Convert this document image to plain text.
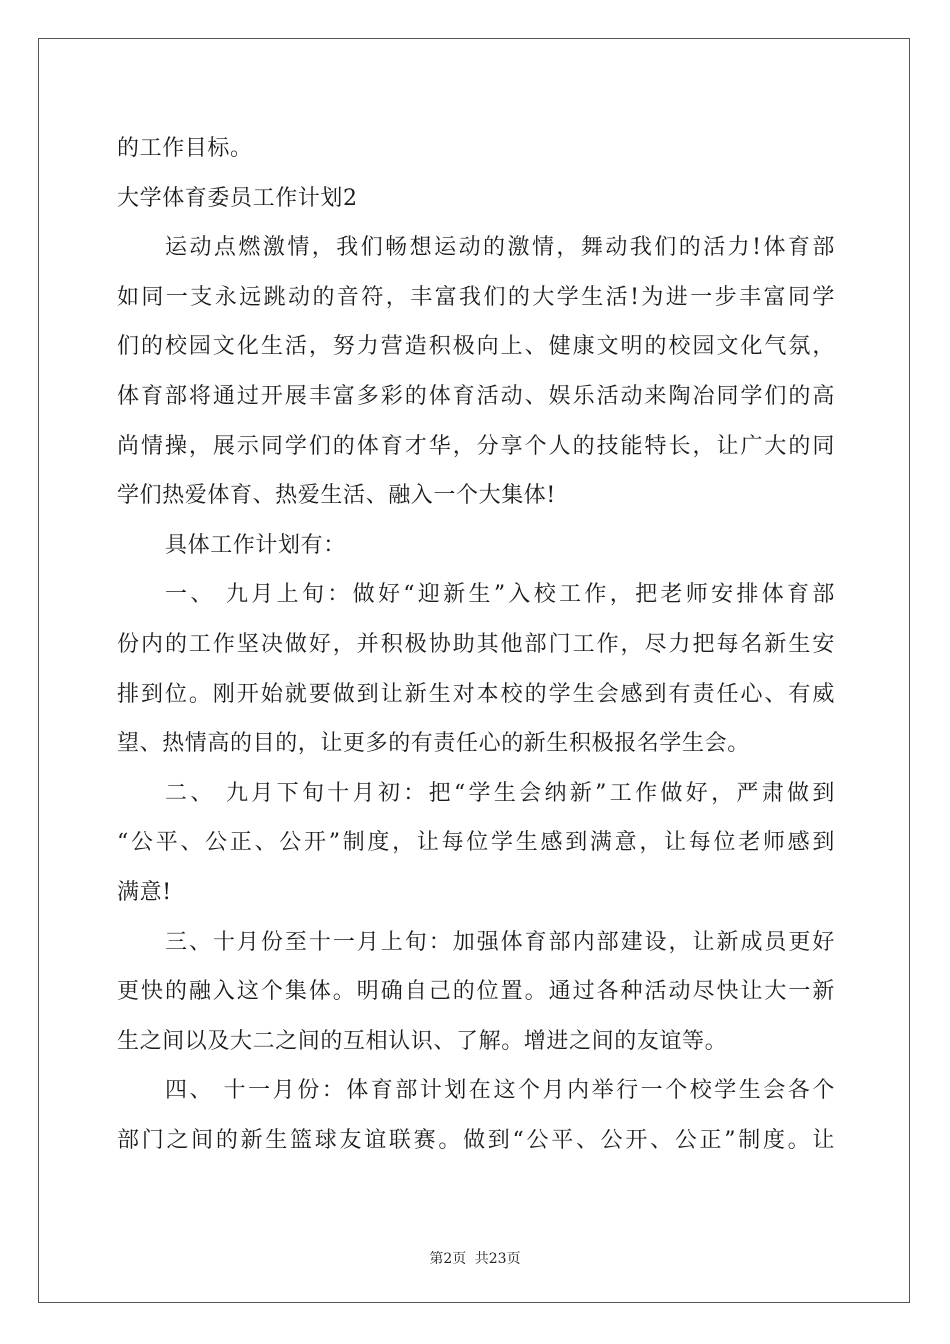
的工作目标。
大学体育委员工作计划2
运动点燃激情，我们畅想运动的激情，舞动我们的活力!体育部
如同一支永远跳动的音符，丰富我们的大学生活!为进一步丰富同学
们的校园文化生活，努力营造积极向上、健康文明的校园文化气氛，
体育部将通过开展丰富多彩的体育活动、娱乐活动来陶冶同学们的高
尚情操，展示同学们的体育才华，分享个人的技能特长，让广大的同
学们热爱体育、热爱生活、融入一个大集体!
具体工作计划有：
一、 九月上旬：做好“迎新生”入校工作，把老师安排体育部
份内的工作坚决做好，并积极协助其他部门工作，尽力把每名新生安
排到位。刚开始就要做到让新生对本校的学生会感到有责任心、有威
望、热情高的目的，让更多的有责任心的新生积极报名学生会。
二、 九月下旬十月初：把“学生会纳新”工作做好，严肃做到
“公平、公正、公开”制度，让每位学生感到满意，让每位老师感到
满意!
三、十月份至十一月上旬：加强体育部内部建设，让新成员更好
更快的融入这个集体。明确自己的位置。通过各种活动尽快让大一新
生之间以及大二之间的互相认识、了解。增进之间的友谊等。
四、 十一月份：体育部计划在这个月内举行一个校学生会各个
部门之间的新生篮球友谊联赛。做到“公平、公开、公正”制度。让
第2页 共23页
